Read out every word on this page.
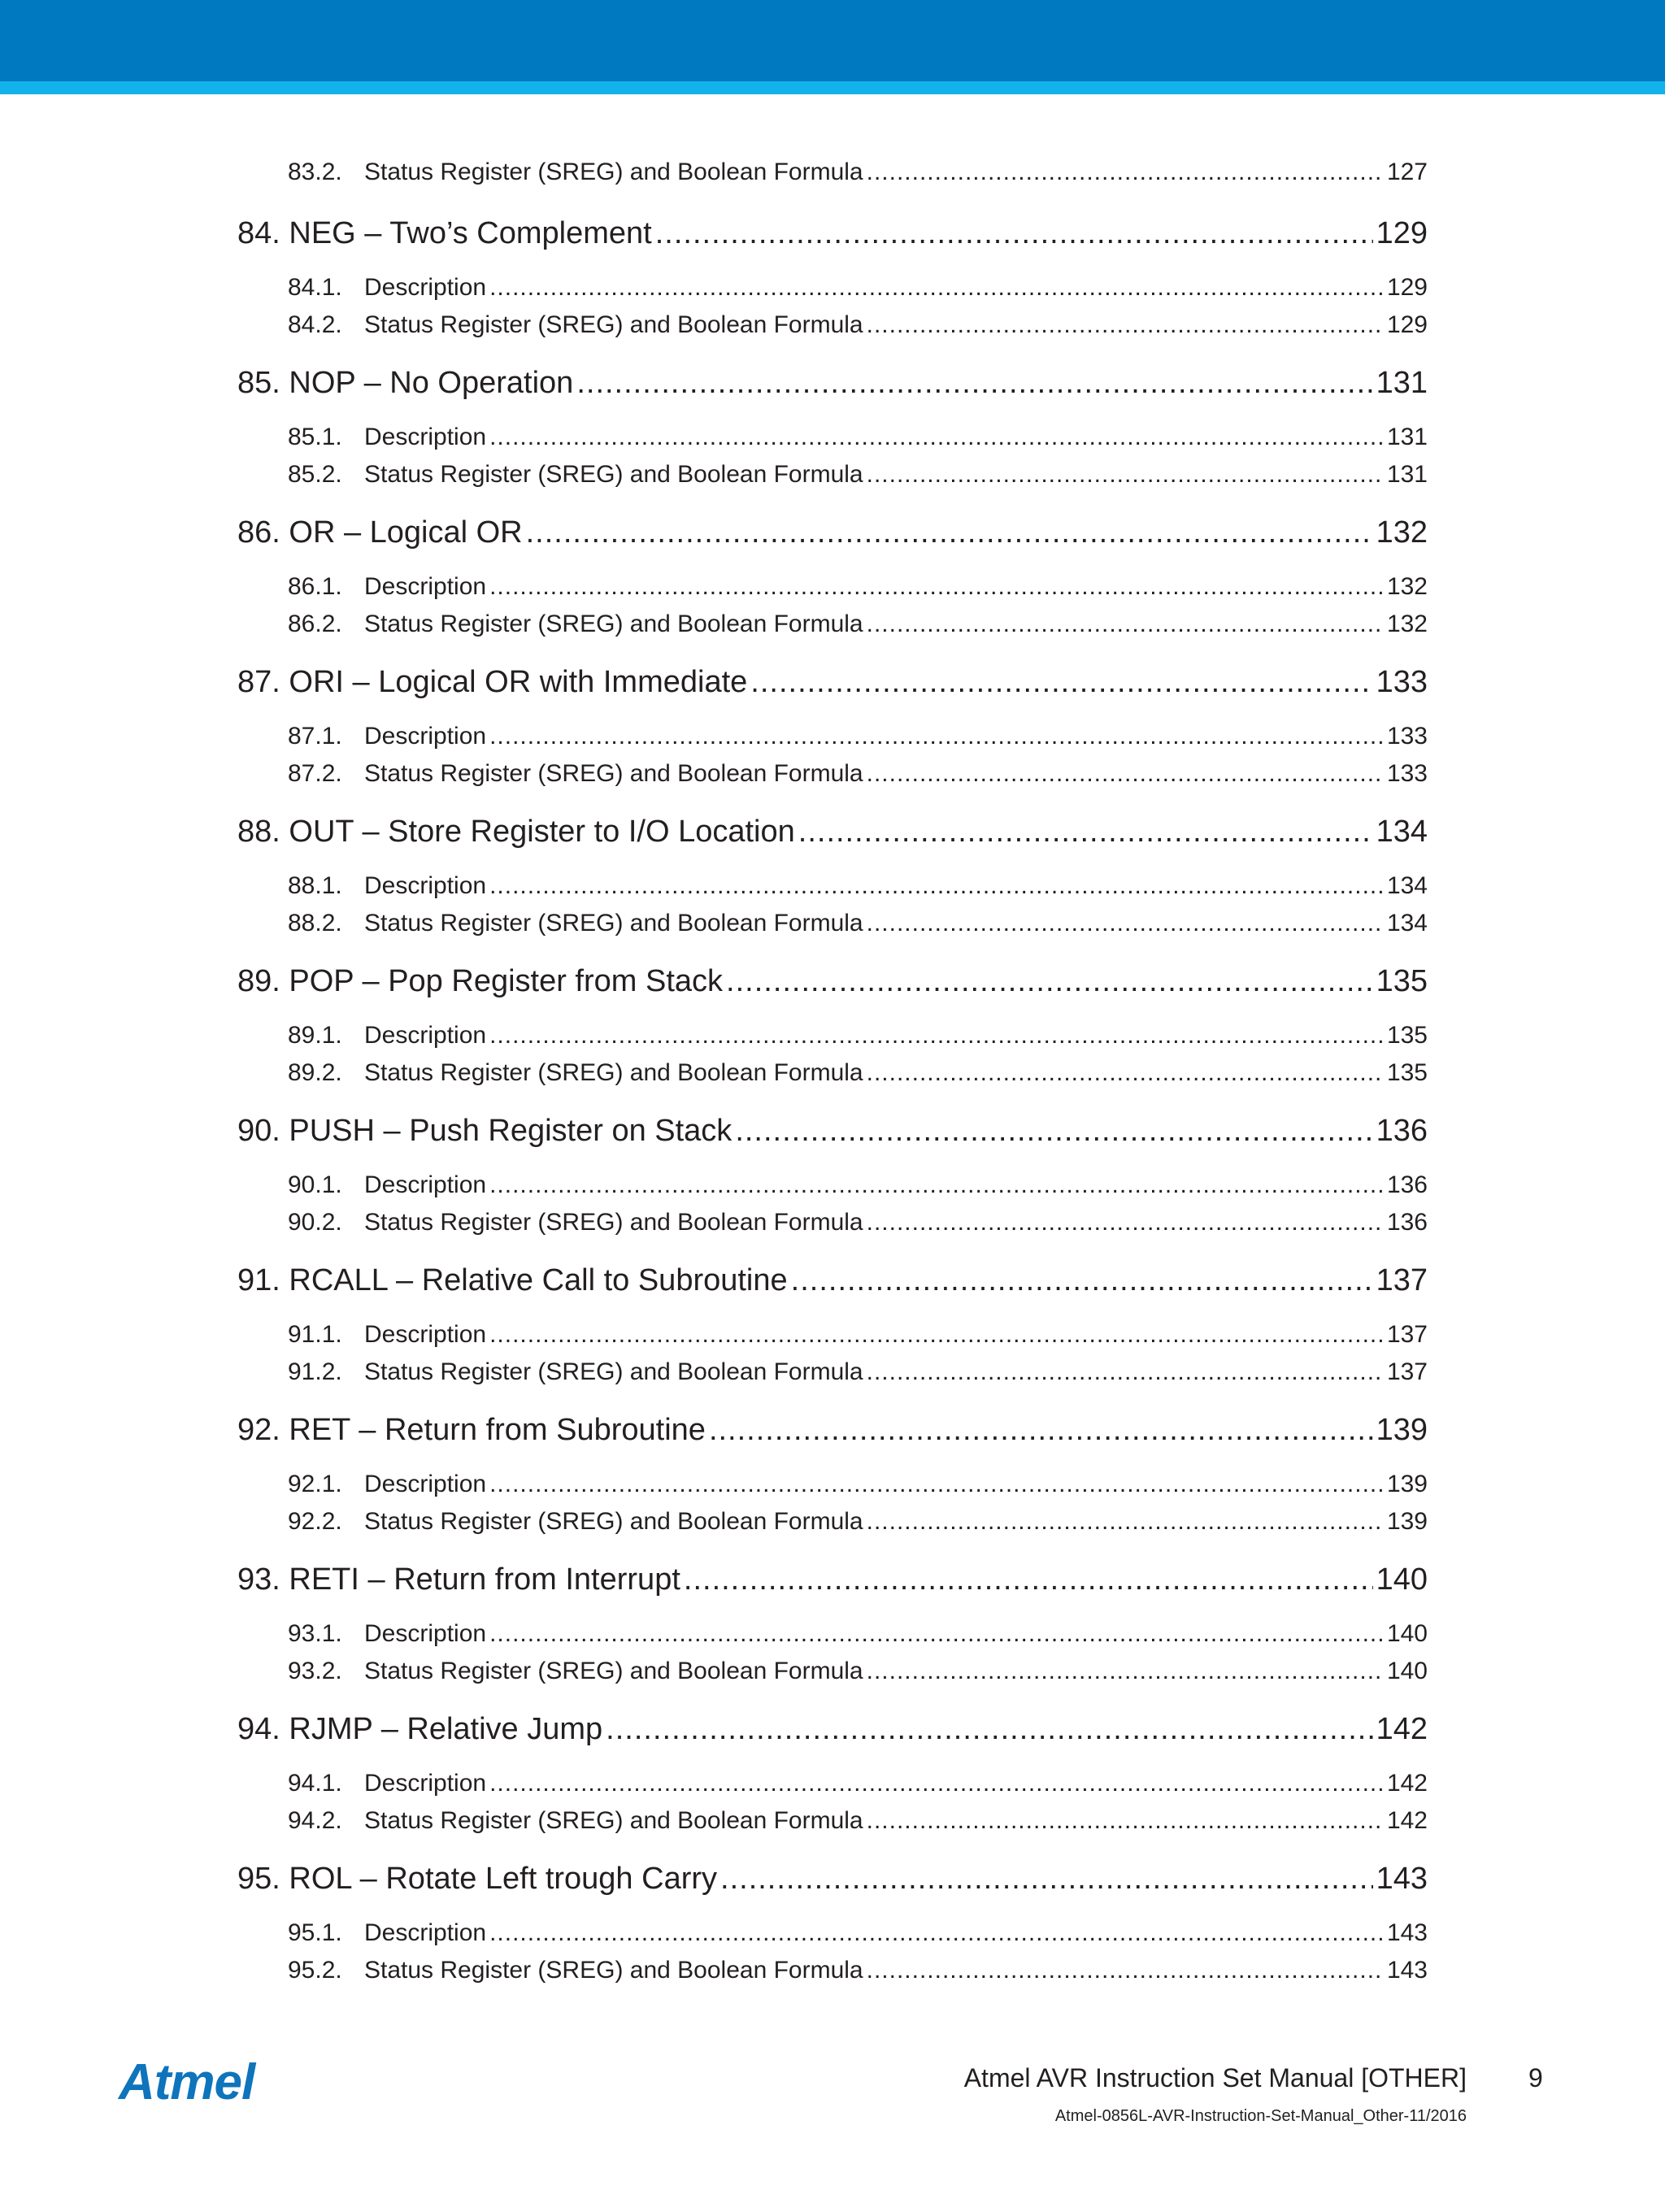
83.2. Status Register (SREG) and Boolean Formula .....	127
84. NEG – Two’s Complement .....	129
84.1. Description .....	129
84.2. Status Register (SREG) and Boolean Formula .....	129
85. NOP – No Operation .....	131
85.1. Description .....	131
85.2. Status Register (SREG) and Boolean Formula .....	131
86. OR – Logical OR .....	132
86.1. Description .....	132
86.2. Status Register (SREG) and Boolean Formula .....	132
87. ORI – Logical OR with Immediate .....	133
87.1. Description .....	133
87.2. Status Register (SREG) and Boolean Formula .....	133
88. OUT – Store Register to I/O Location .....	134
88.1. Description .....	134
88.2. Status Register (SREG) and Boolean Formula .....	134
89. POP – Pop Register from Stack .....	135
89.1. Description .....	135
89.2. Status Register (SREG) and Boolean Formula .....	135
90. PUSH – Push Register on Stack .....	136
90.1. Description .....	136
90.2. Status Register (SREG) and Boolean Formula .....	136
91. RCALL – Relative Call to Subroutine .....	137
91.1. Description .....	137
91.2. Status Register (SREG) and Boolean Formula .....	137
92. RET – Return from Subroutine .....	139
92.1. Description .....	139
92.2. Status Register (SREG) and Boolean Formula .....	139
93. RETI – Return from Interrupt .....	140
93.1. Description .....	140
93.2. Status Register (SREG) and Boolean Formula .....	140
94. RJMP – Relative Jump .....	142
94.1. Description .....	142
94.2. Status Register (SREG) and Boolean Formula .....	142
95. ROL – Rotate Left trough Carry .....	143
95.1. Description .....	143
95.2. Status Register (SREG) and Boolean Formula .....	143
Atmel	Atmel AVR Instruction Set Manual [OTHER] 9
Atmel-0856L-AVR-Instruction-Set-Manual_Other-11/2016
